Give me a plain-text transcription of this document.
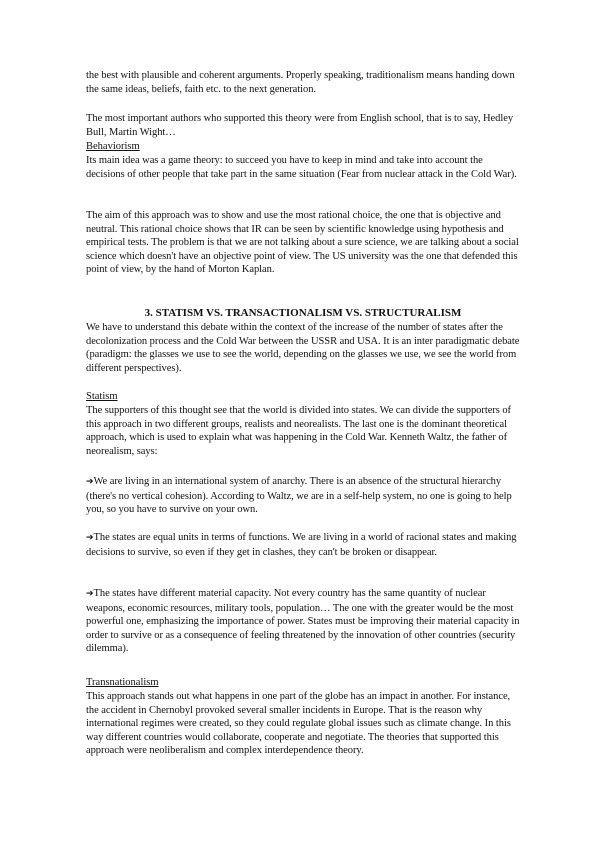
the best with plausible and coherent arguments. Properly speaking, traditionalism means handing down the same ideas, beliefs, faith etc. to the next generation.

The most important authors who supported this theory were from English school, that is to say, Hedley Bull, Martin Wight…

Behaviorism

Its main idea was a game theory: to succeed you have to keep in mind and take into account the decisions of other people that take part in the same situation (Fear from nuclear attack in the Cold War).

The aim of this approach was to show and use the most rational choice, the one that is objective and neutral. This rational choice shows that IR can be seen by scientific knowledge using hypothesis and empirical tests. The problem is that we are not talking about a sure science, we are talking about a social science which doesn't have an objective point of view. The US university was the one that defended this point of view, by the hand of Morton Kaplan.

3. STATISM VS. TRANSACTIONALISM VS. STRUCTURALISM

We have to understand this debate within the context of the increase of the number of states after the decolonization process and the Cold War between the USSR and USA. It is an inter paradigmatic debate (paradigm: the glasses we use to see the world, depending on the glasses we use, we see the world from different perspectives).

Statism

The supporters of this thought see that the world is divided into states. We can divide the supporters of this approach in two different groups, realists and neorealists. The last one is the dominant theoretical approach, which is used to explain what was happening in the Cold War. Kenneth Waltz, the father of neorealism, says:

➔We are living in an international system of anarchy. There is an absence of the structural hierarchy (there's no vertical cohesion). According to Waltz, we are in a self-help system, no one is going to help you, so you have to survive on your own.

➔The states are equal units in terms of functions. We are living in a world of racional states and making decisions to survive, so even if they get in clashes, they can't be broken or disappear.

➔The states have different material capacity. Not every country has the same quantity of nuclear weapons, economic resources, military tools, population… The one with the greater would be the most powerful one, emphasizing the importance of power. States must be improving their material capacity in order to survive or as a consequence of feeling threatened by the innovation of other countries (security dilemma).

Transnationalism

This approach stands out what happens in one part of the globe has an impact in another. For instance, the accident in Chernobyl provoked several smaller incidents in Europe. That is the reason why international regimes were created, so they could regulate global issues such as climate change. In this way different countries would collaborate, cooperate and negotiate. The theories that supported this approach were neoliberalism and complex interdependence theory.
